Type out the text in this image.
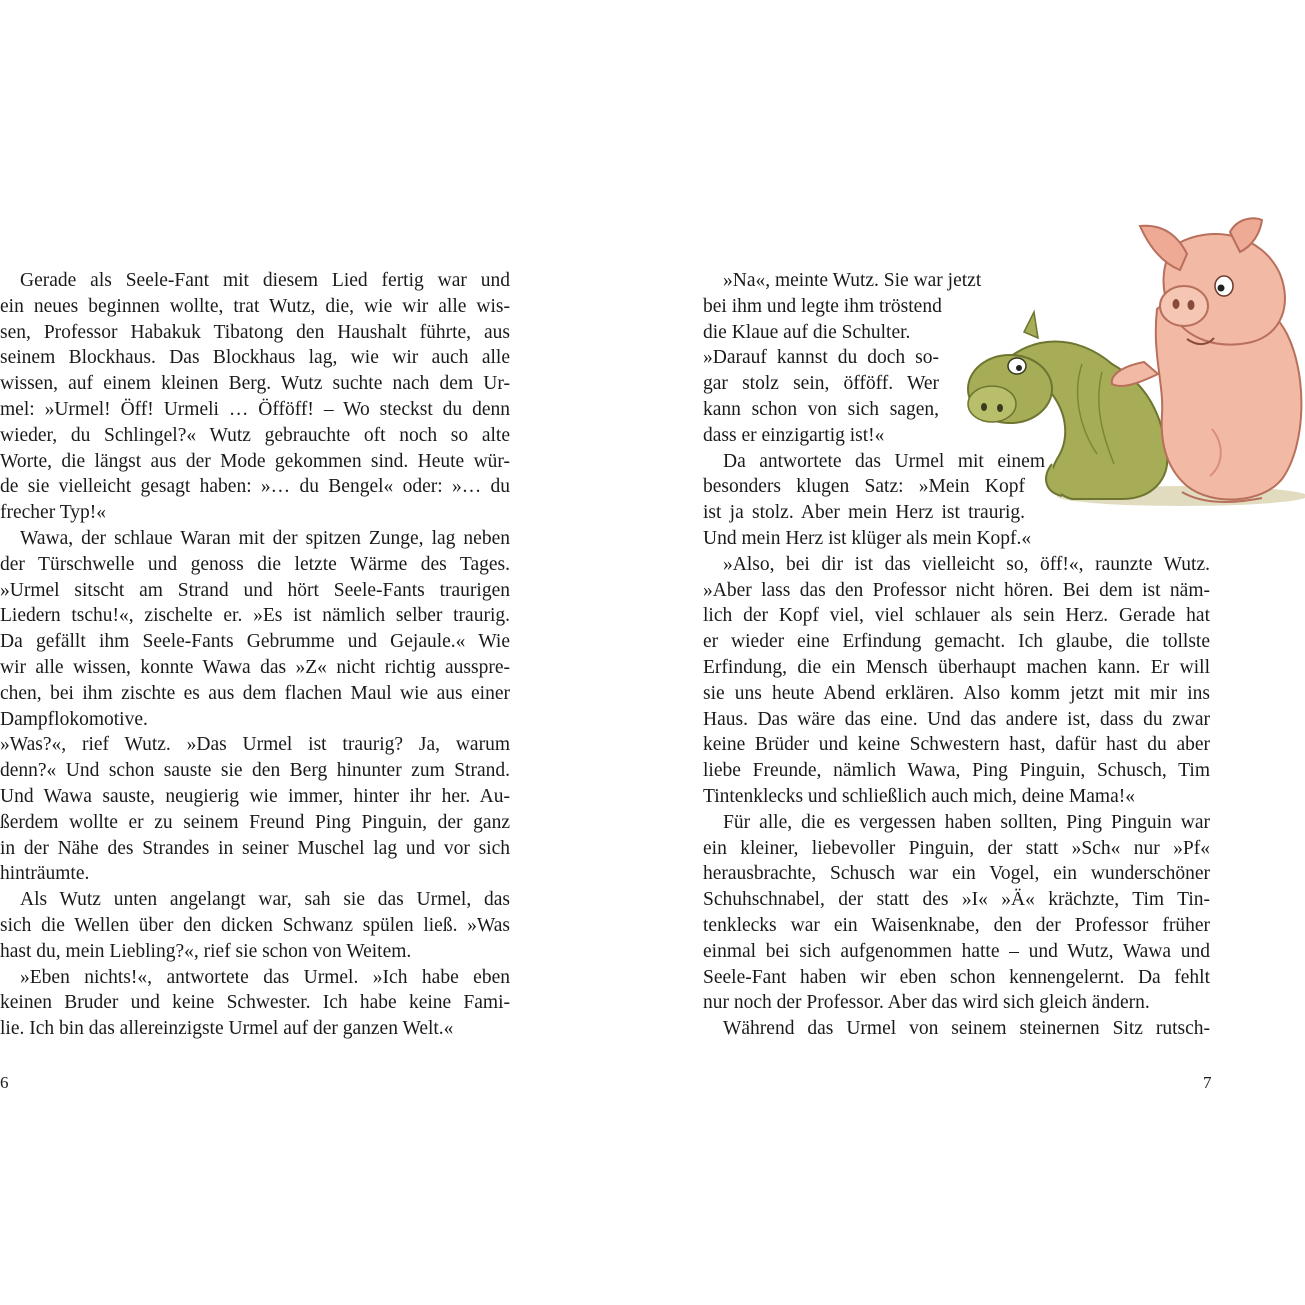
Gerade als Seele-Fant mit diesem Lied fertig war und
ein neues beginnen wollte, trat Wutz, die, wie wir alle wis-
sen, Professor Habakuk Tibatong den Haushalt führte, aus
seinem Blockhaus. Das Blockhaus lag, wie wir auch alle
wissen, auf einem kleinen Berg. Wutz suchte nach dem Ur-
mel: »Urmel! Öff! Urmeli … Öfföff! – Wo steckst du denn
wieder, du Schlingel?« Wutz gebrauchte oft noch so alte
Worte, die längst aus der Mode gekommen sind. Heute wür-
de sie vielleicht gesagt haben: »… du Bengel« oder: »… du
frecher Typ!«
Wawa, der schlaue Waran mit der spitzen Zunge, lag neben
der Türschwelle und genoss die letzte Wärme des Tages.
»Urmel sitscht am Strand und hört Seele-Fants traurigen
Liedern tschu!«, zischelte er. »Es ist nämlich selber traurig.
Da gefällt ihm Seele-Fants Gebrumme und Gejaule.« Wie
wir alle wissen, konnte Wawa das »Z« nicht richtig ausspre-
chen, bei ihm zischte es aus dem flachen Maul wie aus einer
Dampflokomotive.
»Was?«, rief Wutz. »Das Urmel ist traurig? Ja, warum
denn?« Und schon sauste sie den Berg hinunter zum Strand.
Und Wawa sauste, neugierig wie immer, hinter ihr her. Au-
ßerdem wollte er zu seinem Freund Ping Pinguin, der ganz
in der Nähe des Strandes in seiner Muschel lag und vor sich
hinträumte.
Als Wutz unten angelangt war, sah sie das Urmel, das
sich die Wellen über den dicken Schwanz spülen ließ. »Was
hast du, mein Liebling?«, rief sie schon von Weitem.
»Eben nichts!«, antwortete das Urmel. »Ich habe eben
keinen Bruder und keine Schwester. Ich habe keine Fami-
lie. Ich bin das allereinzigste Urmel auf der ganzen Welt.«
6
»Na«, meinte Wutz. Sie war jetzt
bei ihm und legte ihm tröstend
die Klaue auf die Schulter.
»Darauf kannst du doch so-
gar stolz sein, öfföff. Wer
kann schon von sich sagen,
dass er einzigartig ist!«
Da antwortete das Urmel mit einem
besonders klugen Satz: »Mein Kopf
ist ja stolz. Aber mein Herz ist traurig.
Und mein Herz ist klüger als mein Kopf.«
»Also, bei dir ist das vielleicht so, öff!«, raunzte Wutz.
»Aber lass das den Professor nicht hören. Bei dem ist näm-
lich der Kopf viel, viel schlauer als sein Herz. Gerade hat
er wieder eine Erfindung gemacht. Ich glaube, die tollste
Erfindung, die ein Mensch überhaupt machen kann. Er will
sie uns heute Abend erklären. Also komm jetzt mit mir ins
Haus. Das wäre das eine. Und das andere ist, dass du zwar
keine Brüder und keine Schwestern hast, dafür hast du aber
liebe Freunde, nämlich Wawa, Ping Pinguin, Schusch, Tim
Tintenklecks und schließlich auch mich, deine Mama!«
Für alle, die es vergessen haben sollten, Ping Pinguin war
ein kleiner, liebevoller Pinguin, der statt »Sch« nur »Pf«
herausbrachte, Schusch war ein Vogel, ein wunderschöner
Schuhschnabel, der statt des »I« »Ä« krächzte, Tim Tin-
tenklecks war ein Waisenknabe, den der Professor früher
einmal bei sich aufgenommen hatte – und Wutz, Wawa und
Seele-Fant haben wir eben schon kennengelernt. Da fehlt
nur noch der Professor. Aber das wird sich gleich ändern.
Während das Urmel von seinem steinernen Sitz rutsch-
7
